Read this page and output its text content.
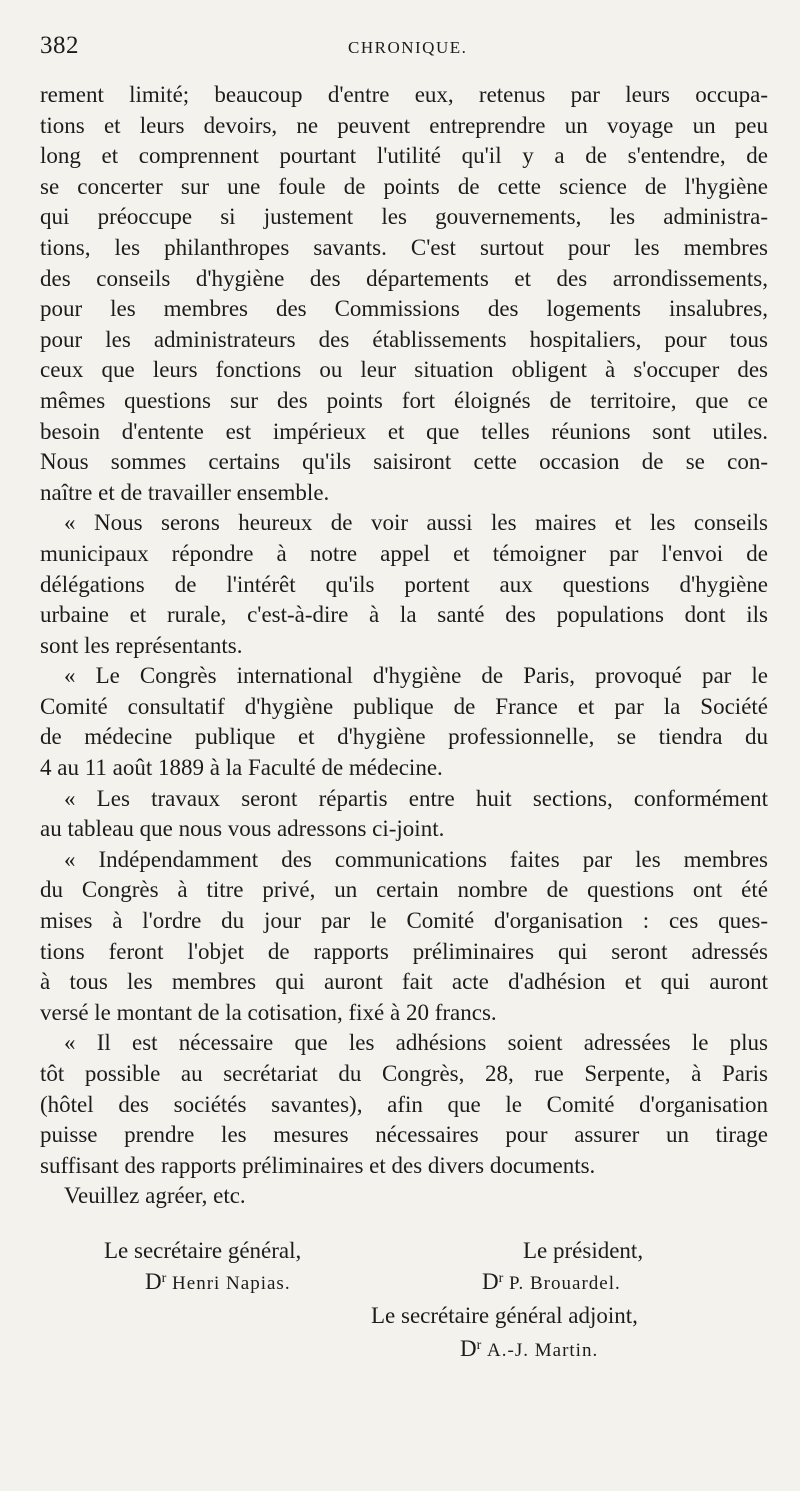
382	CHRONIQUE.
rement limité; beaucoup d'entre eux, retenus par leurs occupa-
tions et leurs devoirs, ne peuvent entreprendre un voyage un peu
long et comprennent pourtant l'utilité qu'il y a de s'entendre, de
se concerter sur une foule de points de cette science de l'hygiène
qui préoccupe si justement les gouvernements, les administra-
tions, les philanthropes savants. C'est surtout pour les membres
des conseils d'hygiène des départements et des arrondissements,
pour les membres des Commissions des logements insalubres,
pour les administrateurs des établissements hospitaliers, pour tous
ceux que leurs fonctions ou leur situation obligent à s'occuper des
mêmes questions sur des points fort éloignés de territoire, que ce
besoin d'entente est impérieux et que telles réunions sont utiles.
Nous sommes certains qu'ils saisiront cette occasion de se con-
naître et de travailler ensemble.
« Nous serons heureux de voir aussi les maires et les conseils
municipaux répondre à notre appel et témoigner par l'envoi de
délégations de l'intérêt qu'ils portent aux questions d'hygiène
urbaine et rurale, c'est-à-dire à la santé des populations dont ils
sont les représentants.
« Le Congrès international d'hygiène de Paris, provoqué par le
Comité consultatif d'hygiène publique de France et par la Société
de médecine publique et d'hygiène professionnelle, se tiendra du
4 au 11 août 1889 à la Faculté de médecine.
« Les travaux seront répartis entre huit sections, conformément
au tableau que nous vous adressons ci-joint.
« Indépendamment des communications faites par les membres
du Congrès à titre privé, un certain nombre de questions ont été
mises à l'ordre du jour par le Comité d'organisation : ces ques-
tions feront l'objet de rapports préliminaires qui seront adressés
à tous les membres qui auront fait acte d'adhésion et qui auront
versé le montant de la cotisation, fixé à 20 francs.
« Il est nécessaire que les adhésions soient adressées le plus
tôt possible au secrétariat du Congrès, 28, rue Serpente, à Paris
(hôtel des sociétés savantes), afin que le Comité d'organisation
puisse prendre les mesures nécessaires pour assurer un tirage
suffisant des rapports préliminaires et des divers documents.
Veuillez agréer, etc.
Le secrétaire général,
$D^r$ Henri Napias.
Le président,
$D^r$ P. Brouardel.
Le secrétaire général adjoint,
$D^r$ A.-J. Martin.
